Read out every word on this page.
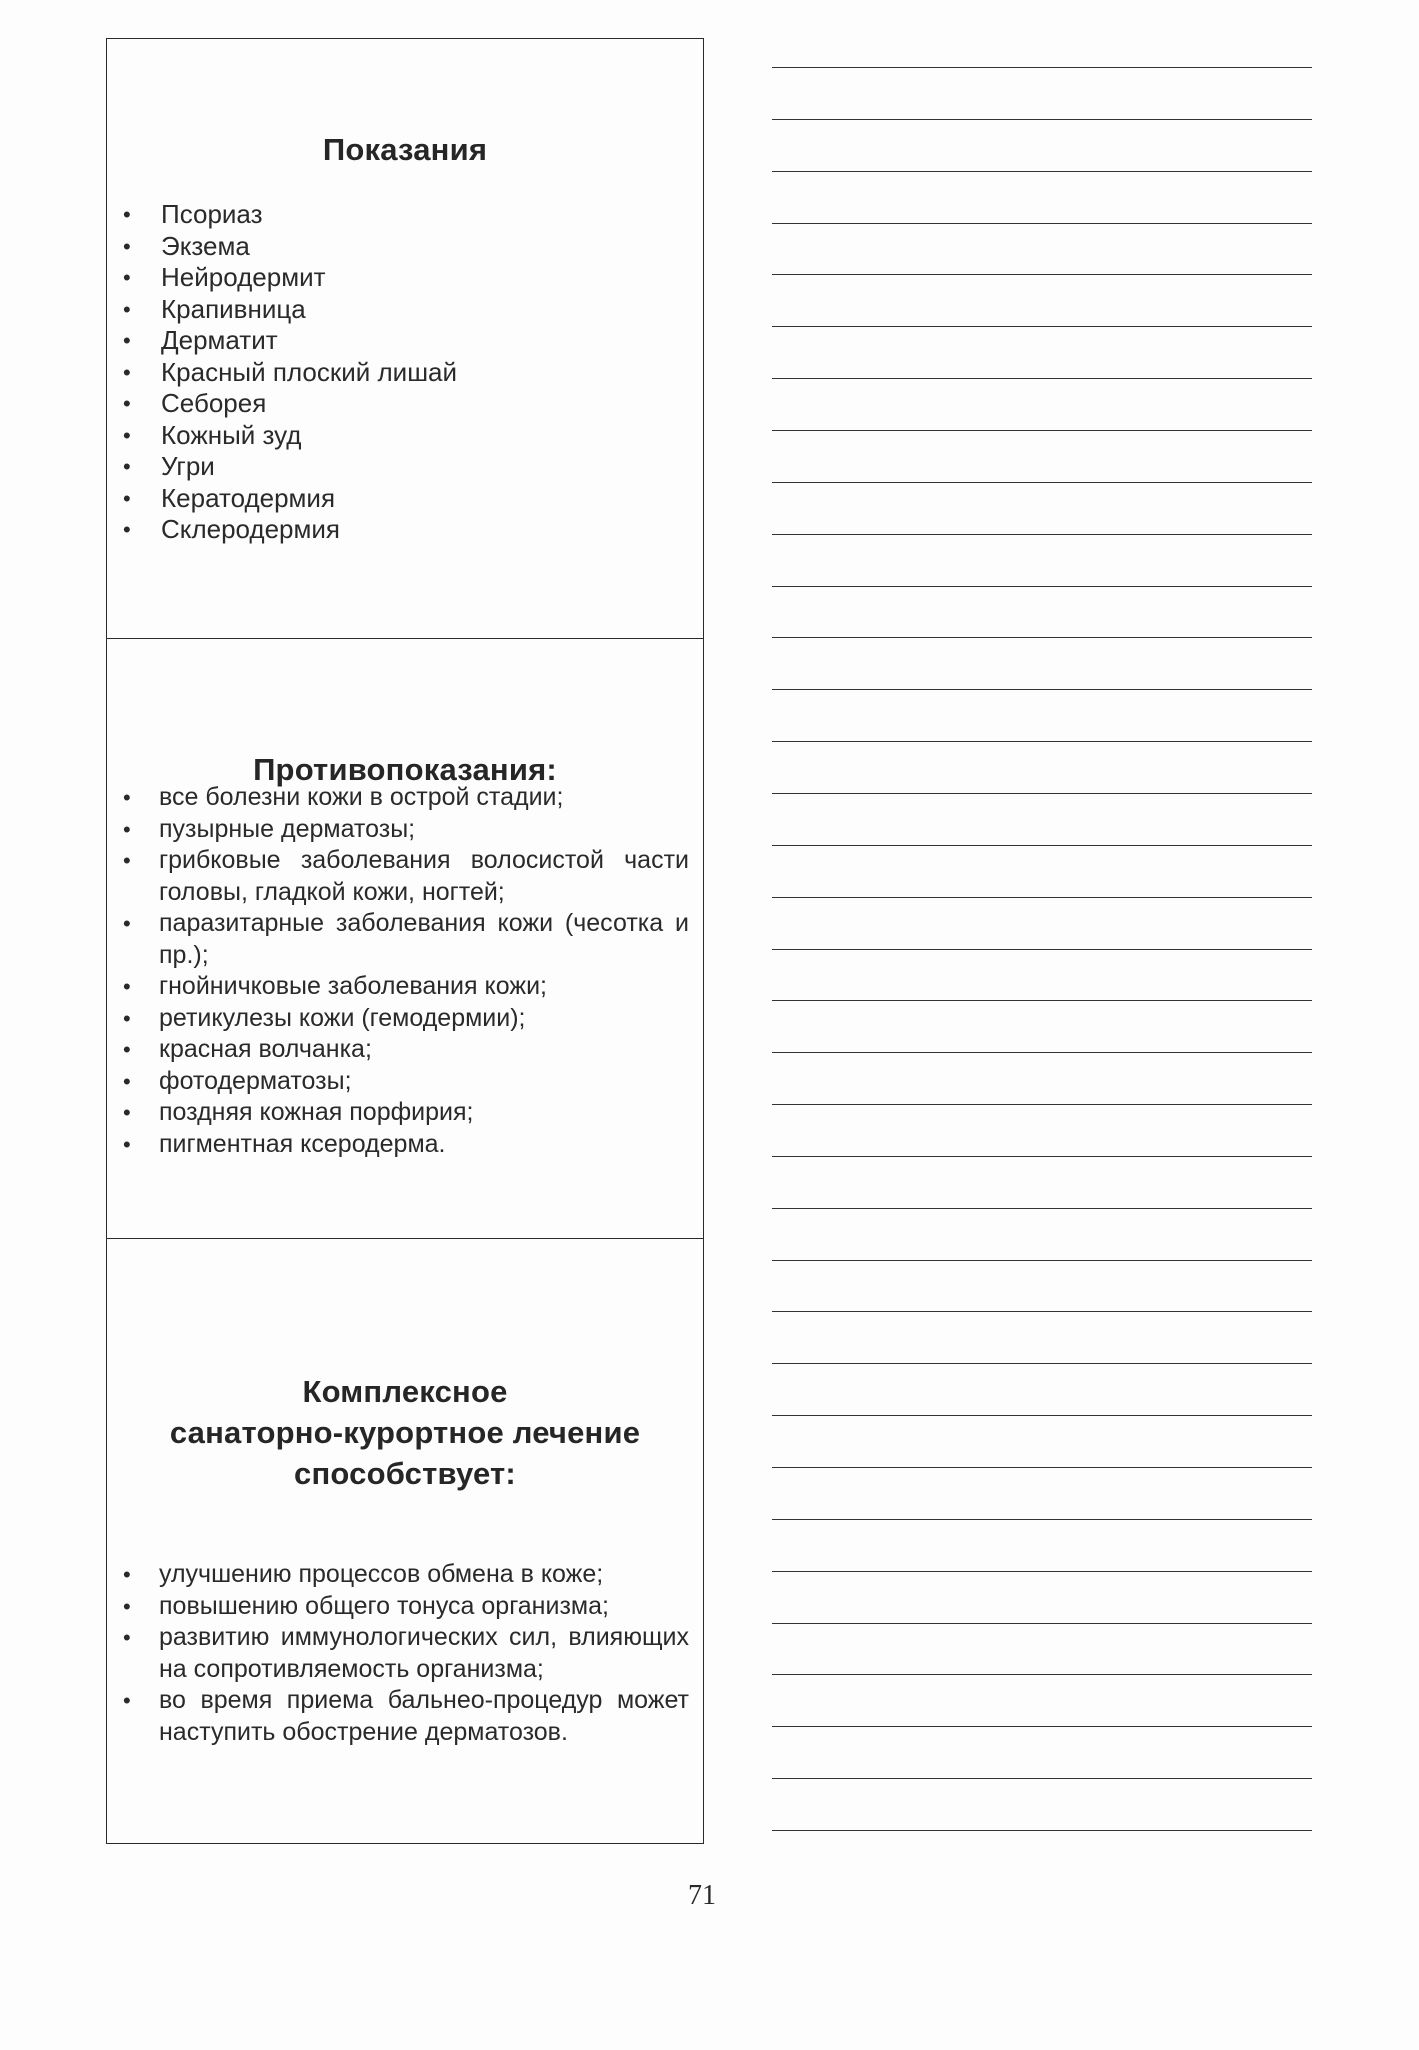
Показания
• Псориаз
• Экзема
• Нейродермит
• Крапивница
• Дерматит
• Красный плоский лишай
• Себорея
• Кожный зуд
• Угри
• Кератодермия
• Склеродермия
Противопоказания:
• все болезни кожи в острой стадии;
• пузырные дерматозы;
• грибковые заболевания волосистой части головы, гладкой кожи, ногтей;
• паразитарные заболевания кожи (чесотка и пр.);
• гнойничковые заболевания кожи;
• ретикулезы кожи (гемодермии);
• красная волчанка;
• фотодерматозы;
• поздняя кожная порфирия;
• пигментная ксеродерма.
Комплексное
санаторно-курортное лечение
способствует:
• улучшению процессов обмена в коже;
• повышению общего тонуса организма;
• развитию иммунологических сил, влияющих на сопротивляемость организма;
• во время приема бальнео-процедур может наступить обострение дерматозов.
71
